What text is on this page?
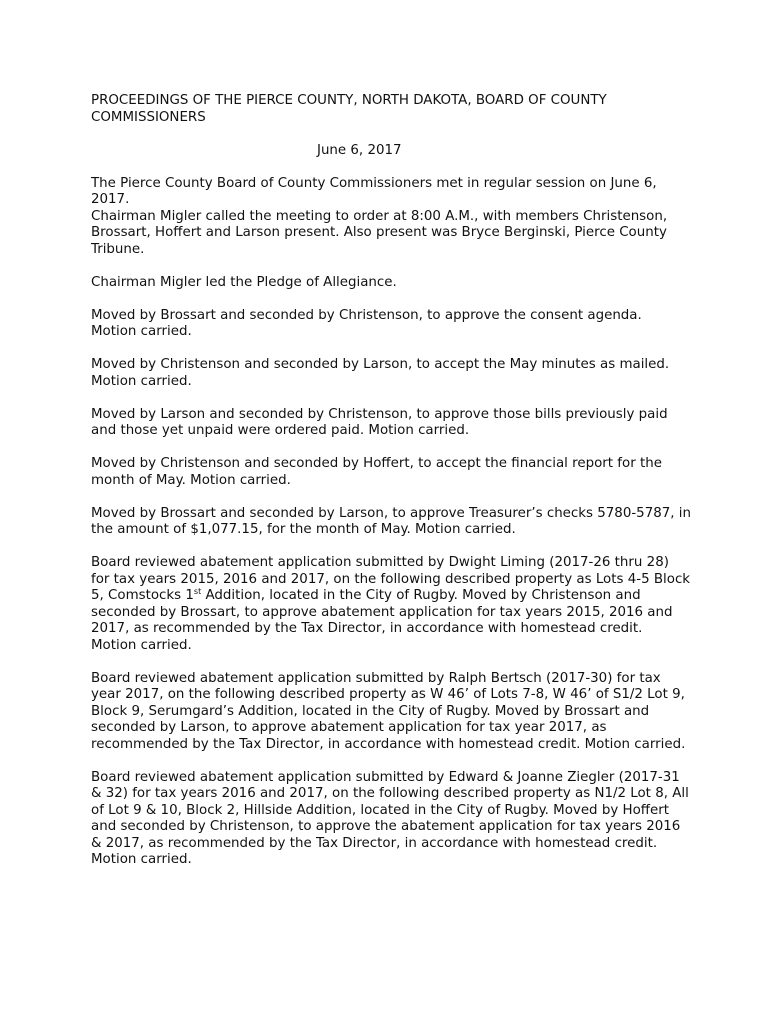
PROCEEDINGS OF THE PIERCE COUNTY, NORTH DAKOTA, BOARD OF COUNTY COMMISSIONERS

June 6, 2017

The Pierce County Board of County Commissioners met in regular session on June 6, 2017.
Chairman Migler called the meeting to order at 8:00 A.M., with members Christenson, Brossart, Hoffert and Larson present. Also present was Bryce Berginski, Pierce County Tribune.

Chairman Migler led the Pledge of Allegiance.

Moved by Brossart and seconded by Christenson, to approve the consent agenda. Motion carried.

Moved by Christenson and seconded by Larson, to accept the May minutes as mailed. Motion carried.

Moved by Larson and seconded by Christenson, to approve those bills previously paid and those yet unpaid were ordered paid. Motion carried.

Moved by Christenson and seconded by Hoffert, to accept the financial report for the month of May. Motion carried.

Moved by Brossart and seconded by Larson, to approve Treasurer’s checks 5780-5787, in the amount of $1,077.15, for the month of May. Motion carried.

Board reviewed abatement application submitted by Dwight Liming (2017-26 thru 28) for tax years 2015, 2016 and 2017, on the following described property as Lots 4-5 Block 5, Comstocks 1st Addition, located in the City of Rugby. Moved by Christenson and seconded by Brossart, to approve abatement application for tax years 2015, 2016 and 2017, as recommended by the Tax Director, in accordance with homestead credit. Motion carried.

Board reviewed abatement application submitted by Ralph Bertsch (2017-30) for tax year 2017, on the following described property as W 46’ of Lots 7-8, W 46’ of S1/2 Lot 9, Block 9, Serumgard’s Addition, located in the City of Rugby. Moved by Brossart and seconded by Larson, to approve abatement application for tax year 2017, as recommended by the Tax Director, in accordance with homestead credit. Motion carried.

Board reviewed abatement application submitted by Edward & Joanne Ziegler (2017-31 & 32) for tax years 2016 and 2017, on the following described property as N1/2 Lot 8, All of Lot 9 & 10, Block 2, Hillside Addition, located in the City of Rugby. Moved by Hoffert and seconded by Christenson, to approve the abatement application for tax years 2016 & 2017, as recommended by the Tax Director, in accordance with homestead credit. Motion carried.
